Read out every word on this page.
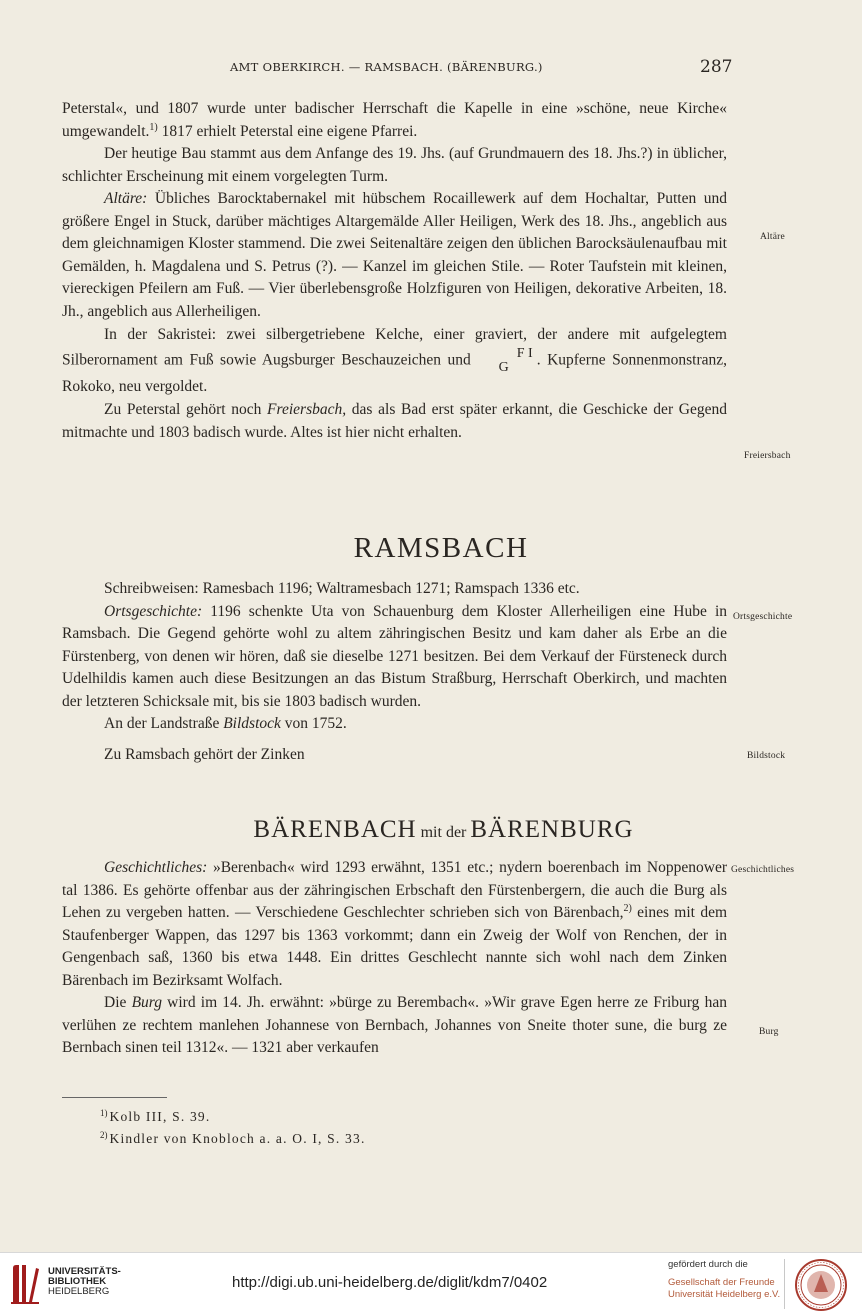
AMT OBERKIRCH. — RAMSBACH. (BÄRENBURG.)	287

Peterstal«, und 1807 wurde unter badischer Herrschaft die Kapelle in eine »schöne, neue Kirche« umgewandelt.$^{1)}$ 1817 erhielt Peterstal eine eigene Pfarrei.

Der heutige Bau stammt aus dem Anfange des 19. Jhs. (auf Grundmauern des 18. Jhs.?) in üblicher, schlichter Erscheinung mit einem vorgelegten Turm.

Altäre: Übliches Barocktabernakel mit hübschem Rocaillewerk auf dem Hochaltar, Putten und größere Engel in Stuck, darüber mächtiges Altargemälde Aller Heiligen, Werk des 18. Jhs., angeblich aus dem gleichnamigen Kloster stammend. Die zwei Seitenaltäre zeigen den üblichen Barocksäulenaufbau mit Gemälden, h. Magdalena und S. Petrus (?). — Kanzel im gleichen Stile. — Roter Taufstein mit kleinen, viereckigen Pfeilern am Fuß. — Vier überlebensgroße Holzfiguren von Heiligen, dekorative Arbeiten, 18. Jh., angeblich aus Allerheiligen.

In der Sakristei: zwei silbergetriebene Kelche, einer graviert, der andere mit aufgelegtem Silberornament am Fuß sowie Augsburger Beschauzeichen und	F I
G . Kupferne Sonnenmonstranz, Rokoko, neu vergoldet.

Zu Peterstal gehört noch Freiersbach, das als Bad erst später erkannt, die Geschicke der Gegend mitmachte und 1803 badisch wurde. Altes ist hier nicht erhalten.

RAMSBACH

Schreibweisen: Ramesbach 1196; Waltramesbach 1271; Ramspach 1336 etc.

Ortsgeschichte: 1196 schenkte Uta von Schauenburg dem Kloster Allerheiligen eine Hube in Ramsbach. Die Gegend gehörte wohl zu altem zähringischen Besitz und kam daher als Erbe an die Fürstenberg, von denen wir hören, daß sie dieselbe 1271 besitzen. Bei dem Verkauf der Fürsteneck durch Udelhildis kamen auch diese Besitzungen an das Bistum Straßburg, Herrschaft Oberkirch, und machten der letzteren Schicksale mit, bis sie 1803 badisch wurden.

An der Landstraße Bildstock von 1752.

Zu Ramsbach gehört der Zinken

BÄRENBACH mit der BÄRENBURG

Geschichtliches: »Berenbach« wird 1293 erwähnt, 1351 etc.; nydern boerenbach im Noppenower tal 1386. Es gehörte offenbar aus der zähringischen Erbschaft den Fürstenbergern, die auch die Burg als Lehen zu vergeben hatten. — Verschiedene Geschlechter schrieben sich von Bärenbach,$^{2)}$ eines mit dem Staufenberger Wappen, das 1297 bis 1363 vorkommt; dann ein Zweig der Wolf von Renchen, der in Gengenbach saß, 1360 bis etwa 1448. Ein drittes Geschlecht nannte sich wohl nach dem Zinken Bärenbach im Bezirksamt Wolfach.

Die Burg wird im 14. Jh. erwähnt: »bürge zu Berembach«. »Wir grave Egen herre ze Friburg han verlühen ze rechtem manlehen Johannese von Bernbach, Johannes von Sneite thoter sune, die burg ze Bernbach sinen teil 1312«. — 1321 aber verkaufen

Altäre
Freiersbach
Ortsgeschichte
Bildstock
Geschichtliches
Burg
$^{1)}$ Kolb III, S. 39.
$^{2)}$ Kindler von Knobloch a. a. O. I, S. 33.
UNIVERSITÄTS-
BIBLIOTHEK
HEIDELBERG
http://digi.ub.uni-heidelberg.de/diglit/kdm7/0402
gefördert durch die
Gesellschaft der Freunde
Universität Heidelberg e.V.
